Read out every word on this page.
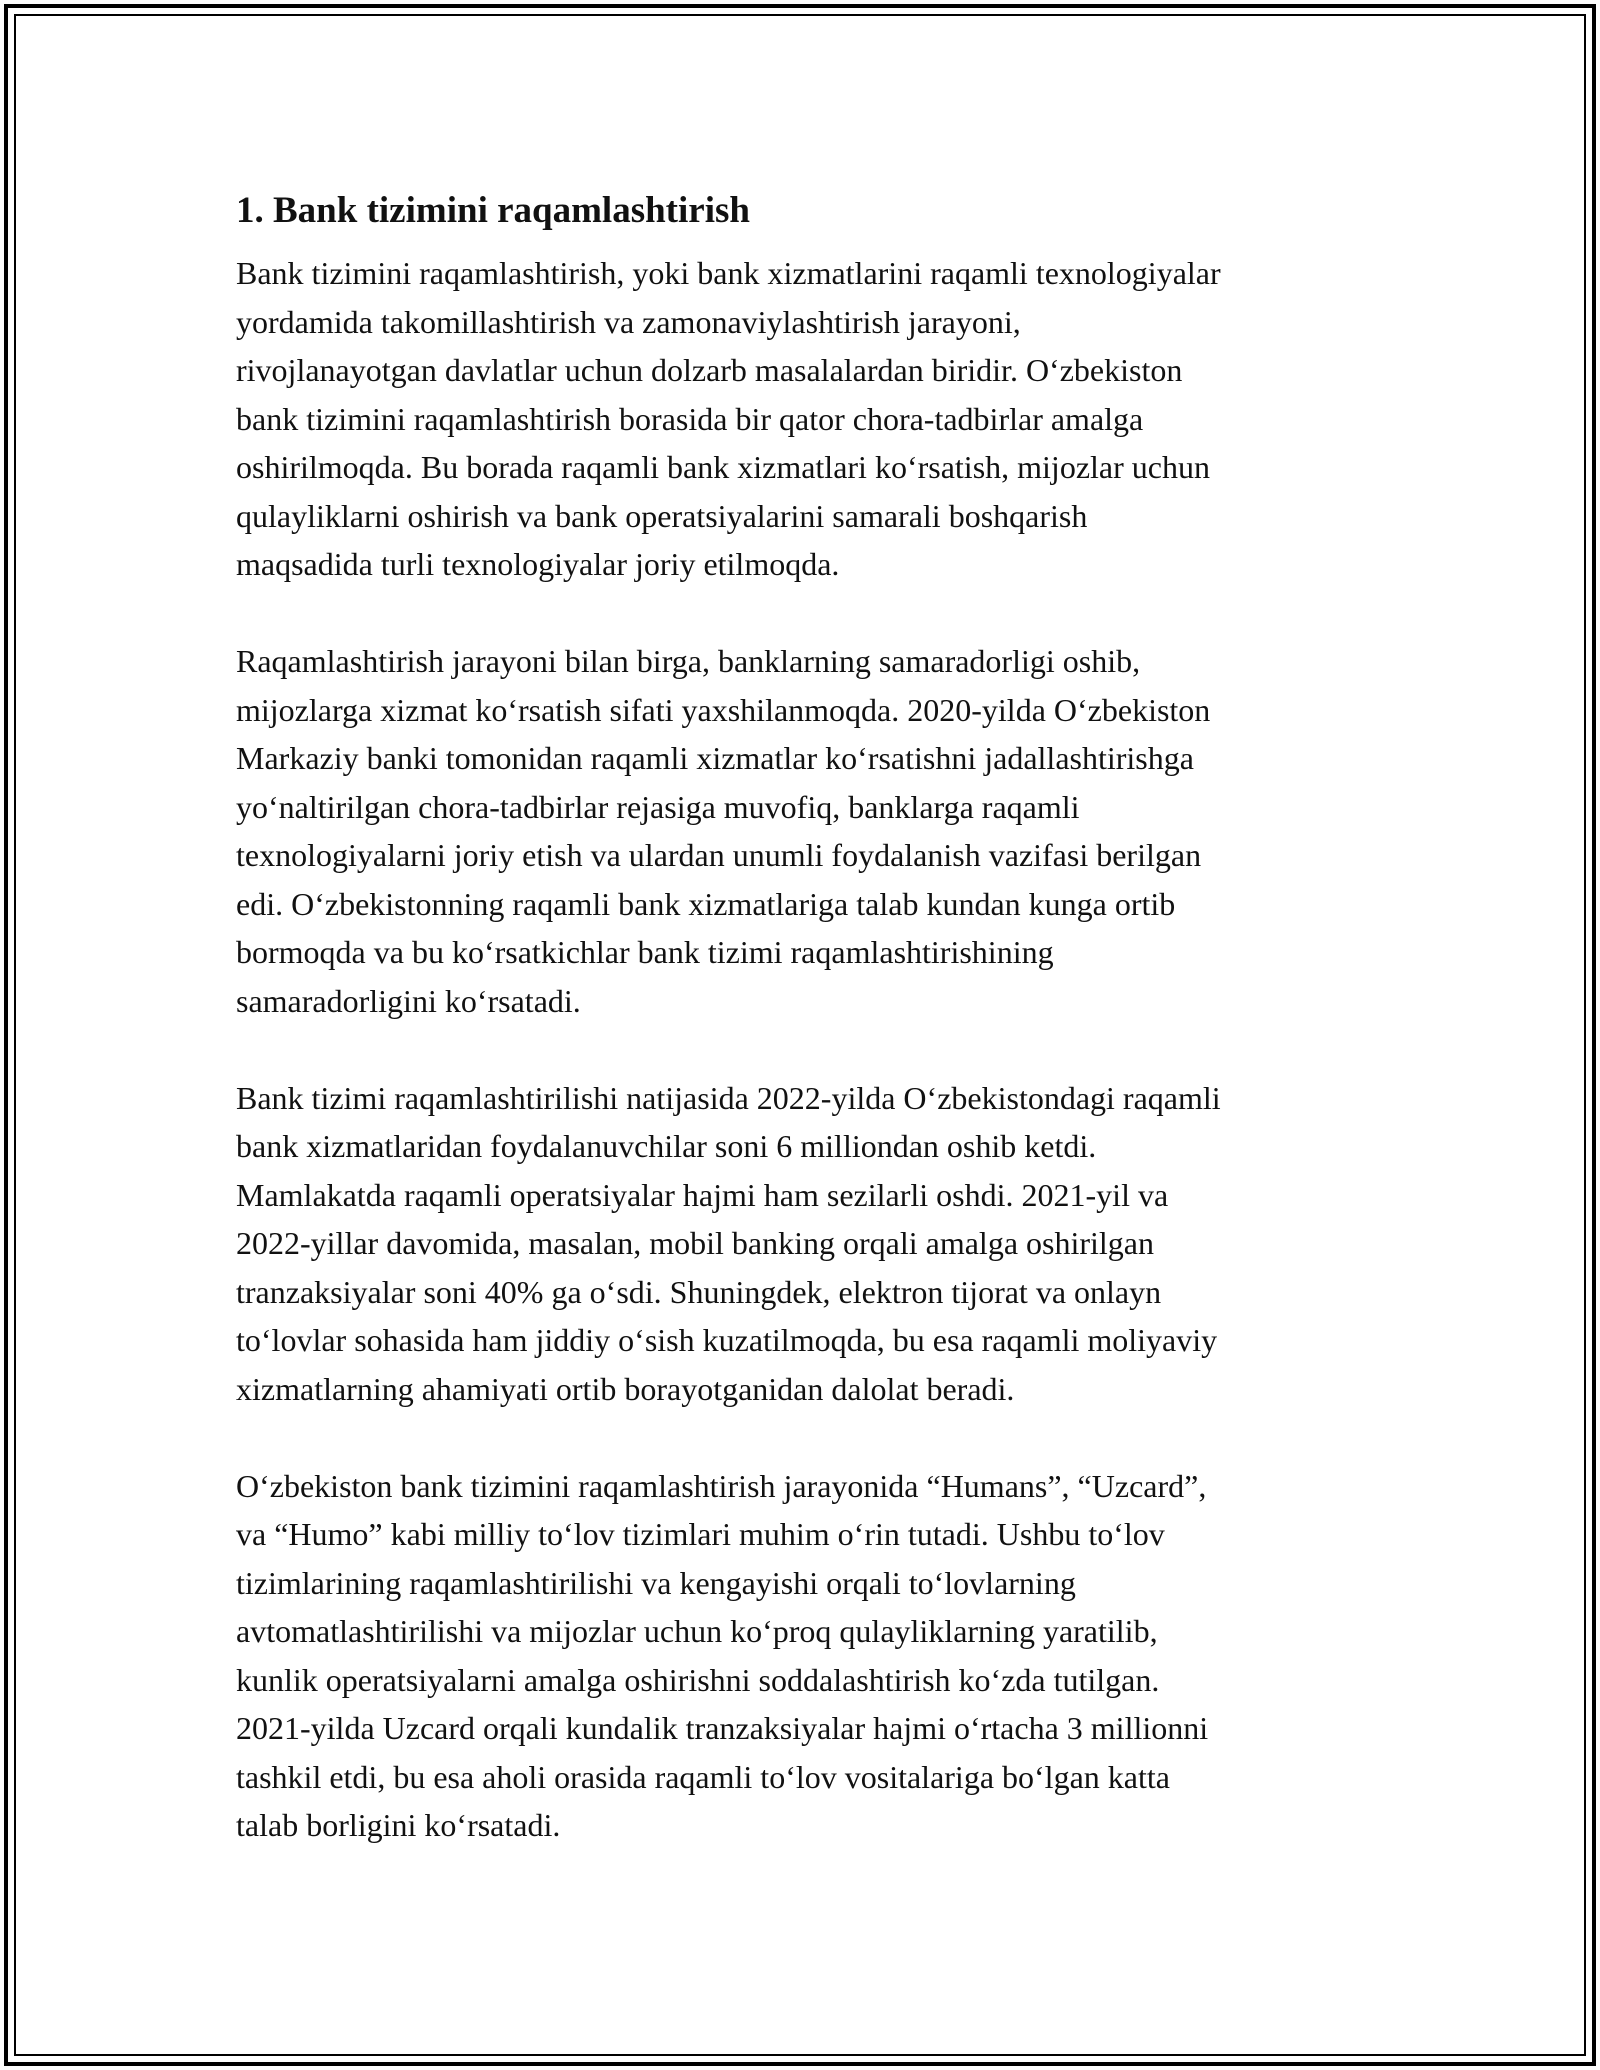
1. Bank tizimini raqamlashtirish

Bank tizimini raqamlashtirish, yoki bank xizmatlarini raqamli texnologiyalar
yordamida takomillashtirish va zamonaviylashtirish jarayoni,
rivojlanayotgan davlatlar uchun dolzarb masalalardan biridir. O‘zbekiston
bank tizimini raqamlashtirish borasida bir qator chora-tadbirlar amalga
oshirilmoqda. Bu borada raqamli bank xizmatlari ko‘rsatish, mijozlar uchun
qulayliklarni oshirish va bank operatsiyalarini samarali boshqarish
maqsadida turli texnologiyalar joriy etilmoqda.

Raqamlashtirish jarayoni bilan birga, banklarning samaradorligi oshib,
mijozlarga xizmat ko‘rsatish sifati yaxshilanmoqda. 2020-yilda O‘zbekiston
Markaziy banki tomonidan raqamli xizmatlar ko‘rsatishni jadallashtirishga
yo‘naltirilgan chora-tadbirlar rejasiga muvofiq, banklarga raqamli
texnologiyalarni joriy etish va ulardan unumli foydalanish vazifasi berilgan
edi. O‘zbekistonning raqamli bank xizmatlariga talab kundan kunga ortib
bormoqda va bu ko‘rsatkichlar bank tizimi raqamlashtirishining
samaradorligini ko‘rsatadi.

Bank tizimi raqamlashtirilishi natijasida 2022-yilda O‘zbekistondagi raqamli
bank xizmatlaridan foydalanuvchilar soni 6 milliondan oshib ketdi.
Mamlakatda raqamli operatsiyalar hajmi ham sezilarli oshdi. 2021-yil va
2022-yillar davomida, masalan, mobil banking orqali amalga oshirilgan
tranzaksiyalar soni 40% ga o‘sdi. Shuningdek, elektron tijorat va onlayn
to‘lovlar sohasida ham jiddiy o‘sish kuzatilmoqda, bu esa raqamli moliyaviy
xizmatlarning ahamiyati ortib borayotganidan dalolat beradi.

O‘zbekiston bank tizimini raqamlashtirish jarayonida “Humans”, “Uzcard”,
va “Humo” kabi milliy to‘lov tizimlari muhim o‘rin tutadi. Ushbu to‘lov
tizimlarining raqamlashtirilishi va kengayishi orqali to‘lovlarning
avtomatlashtirilishi va mijozlar uchun ko‘proq qulayliklarning yaratilib,
kunlik operatsiyalarni amalga oshirishni soddalashtirish ko‘zda tutilgan.
2021-yilda Uzcard orqali kundalik tranzaksiyalar hajmi o‘rtacha 3 millionni
tashkil etdi, bu esa aholi orasida raqamli to‘lov vositalariga bo‘lgan katta
talab borligini ko‘rsatadi.
